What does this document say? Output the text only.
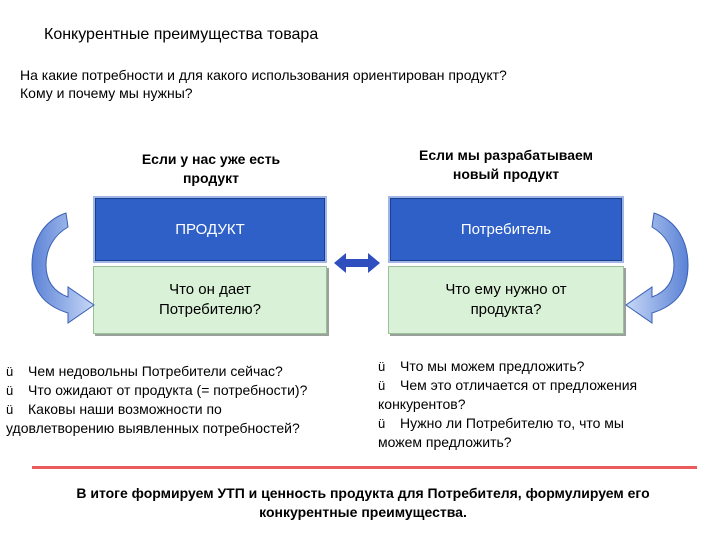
Конкурентные преимущества товара
На какие потребности и для какого использования ориентирован продукт?
Кому и почему мы нужны?
Если у нас уже есть
продукт
Если мы разрабатываем
новый продукт
ПРОДУКТ	Потребитель
Что он дает
Потребителю?
Что ему нужно от
продукта?
ü Чем недовольны Потребители сейчас?
ü Что ожидают от продукта (= потребности)?
ü Каковы наши возможности по
удовлетворению выявленных потребностей?
ü Что мы можем предложить?
ü Чем это отличается от предложения
конкурентов?
ü Нужно ли Потребителю то, что мы
можем предложить?
В итоге формируем УТП и ценность продукта для Потребителя, формулируем его
конкурентные преимущества.
